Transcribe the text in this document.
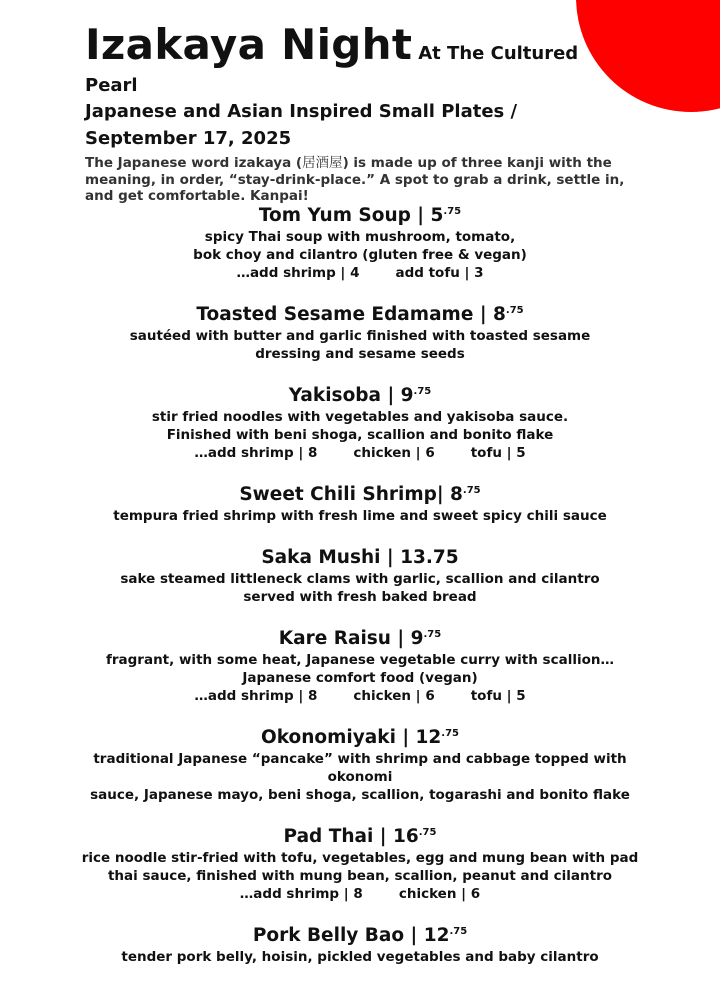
Izakaya Night At The Cultured
Pearl
Japanese and Asian Inspired Small Plates /
September 17, 2025
The Japanese word izakaya (居酒屋) is made up of three kanji with the meaning, in order, “stay-drink-place.” A spot to grab a drink, settle in, and get comfortable. Kanpai!
Tom Yum Soup | $5^{.75}$
spicy Thai soup with mushroom, tomato,
bok choy and cilantro (gluten free & vegan)
…add shrimp | 4	add tofu | 3
Toasted Sesame Edamame | $8^{.75}$
sautéed with butter and garlic finished with toasted sesame
dressing and sesame seeds
Yakisoba | $9^{.75}$
stir fried noodles with vegetables and yakisoba sauce.
Finished with beni shoga, scallion and bonito flake
…add shrimp | 8	chicken | 6	tofu | 5
Sweet Chili Shrimp| $8^{.75}$
tempura fried shrimp with fresh lime and sweet spicy chili sauce
Saka Mushi | 13.75
sake steamed littleneck clams with garlic, scallion and cilantro
served with fresh baked bread
Kare Raisu | $9^{.75}$
fragrant, with some heat, Japanese vegetable curry with scallion…
Japanese comfort food (vegan)
…add shrimp | 8	chicken | 6	tofu | 5
Okonomiyaki | $12^{.75}$
traditional Japanese “pancake” with shrimp and cabbage topped with okonomi
sauce, Japanese mayo, beni shoga, scallion, togarashi and bonito flake
Pad Thai | $16^{.75}$
rice noodle stir-fried with tofu, vegetables, egg and mung bean with pad thai sauce, finished with mung bean, scallion, peanut and cilantro
…add shrimp | 8	chicken | 6
Pork Belly Bao | $12^{.75}$
tender pork belly, hoisin, pickled vegetables and baby cilantro
